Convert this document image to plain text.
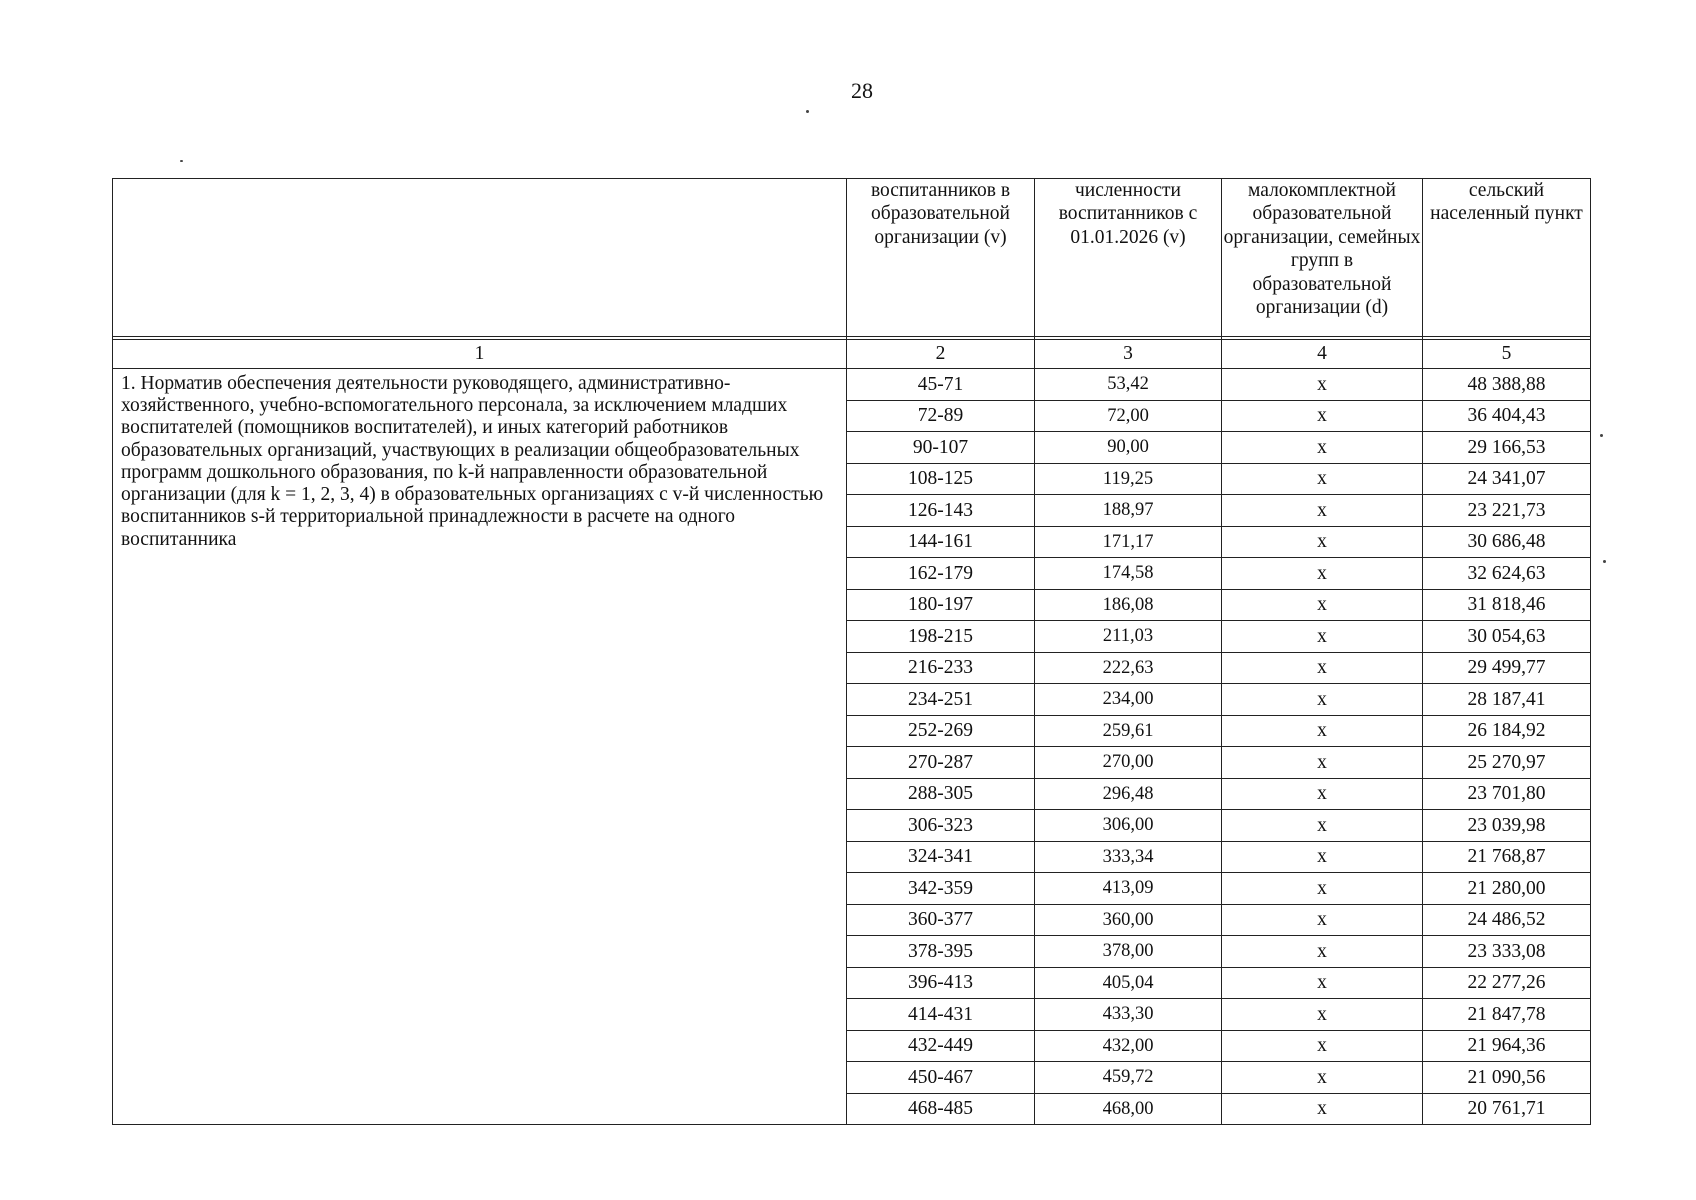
28
	воспитанников в образовательной организации (v)	численности воспитанников с 01.01.2026 (v)	малокомплектной образовательной организации, семейных групп в образовательной организации (d)	сельский населенный пункт

1	2	3	4	5
1. Норматив обеспечения деятельности руководящего, административно-хозяйственного, учебно-вспомогательного персонала, за исключением младших воспитателей (помощников воспитателей), и иных категорий работников образовательных организаций, участвующих в реализации общеобразовательных программ дошкольного образования, по k-й направленности образовательной организации (для k = 1, 2, 3, 4) в образовательных организациях с v-й численностью воспитанников s-й территориальной принадлежности в расчете на одного воспитанника	45-71	53,42	x	48 388,88
	72-89	72,00	x	36 404,43
	90-107	90,00	x	29 166,53
	108-125	119,25	x	24 341,07
	126-143	188,97	x	23 221,73
	144-161	171,17	x	30 686,48
	162-179	174,58	x	32 624,63
	180-197	186,08	x	31 818,46
	198-215	211,03	x	30 054,63
	216-233	222,63	x	29 499,77
	234-251	234,00	x	28 187,41
	252-269	259,61	x	26 184,92
	270-287	270,00	x	25 270,97
	288-305	296,48	x	23 701,80
	306-323	306,00	x	23 039,98
	324-341	333,34	x	21 768,87
	342-359	413,09	x	21 280,00
	360-377	360,00	x	24 486,52
	378-395	378,00	x	23 333,08
	396-413	405,04	x	22 277,26
	414-431	433,30	x	21 847,78
	432-449	432,00	x	21 964,36
	450-467	459,72	x	21 090,56
	468-485	468,00	x	20 761,71
